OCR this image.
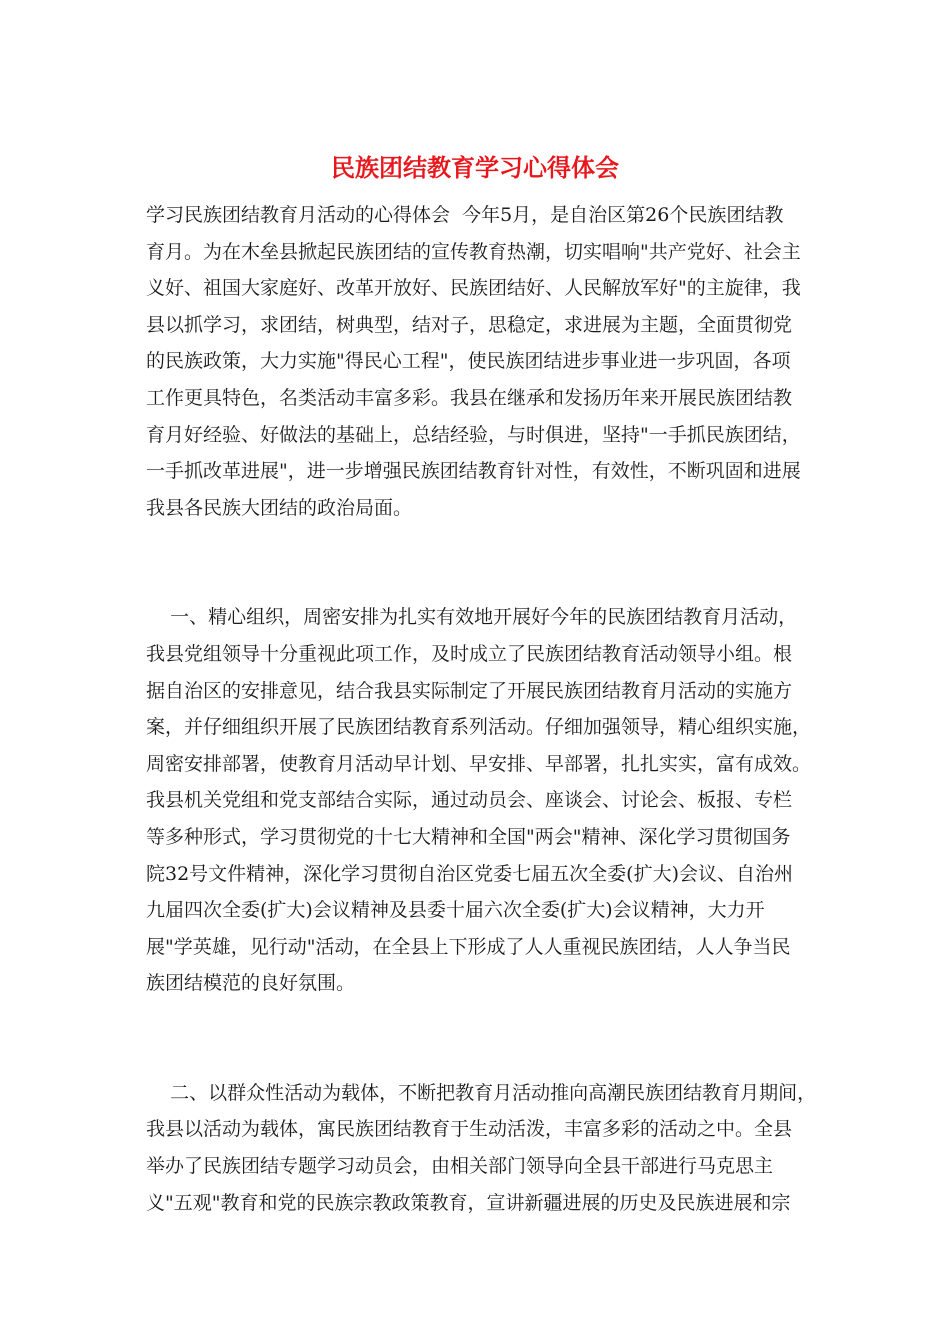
民族团结教育学习心得体会
学习民族团结教育月活动的心得体会  今年5月，是自治区第26个民族团结教
育月。为在木垒县掀起民族团结的宣传教育热潮，切实唱响"共产党好、社会主
义好、祖国大家庭好、改革开放好、民族团结好、人民解放军好"的主旋律，我
县以抓学习，求团结，树典型，结对子，思稳定，求进展为主题，全面贯彻党
的民族政策，大力实施"得民心工程"，使民族团结进步事业进一步巩固，各项
工作更具特色，名类活动丰富多彩。我县在继承和发扬历年来开展民族团结教
育月好经验、好做法的基础上，总结经验，与时俱进，坚持"一手抓民族团结，
一手抓改革进展"，进一步增强民族团结教育针对性，有效性，不断巩固和进展
我县各民族大团结的政治局面。
一、精心组织，周密安排为扎实有效地开展好今年的民族团结教育月活动，
我县党组领导十分重视此项工作，及时成立了民族团结教育活动领导小组。根
据自治区的安排意见，结合我县实际制定了开展民族团结教育月活动的实施方
案，并仔细组织开展了民族团结教育系列活动。仔细加强领导，精心组织实施，
周密安排部署，使教育月活动早计划、早安排、早部署，扎扎实实，富有成效。
我县机关党组和党支部结合实际，通过动员会、座谈会、讨论会、板报、专栏
等多种形式，学习贯彻党的十七大精神和全国"两会"精神、深化学习贯彻国务
院32号文件精神，深化学习贯彻自治区党委七届五次全委(扩大)会议、自治州
九届四次全委(扩大)会议精神及县委十届六次全委(扩大)会议精神，大力开
展"学英雄，见行动"活动，在全县上下形成了人人重视民族团结，人人争当民
族团结模范的良好氛围。
二、以群众性活动为载体，不断把教育月活动推向高潮民族团结教育月期间，
我县以活动为载体，寓民族团结教育于生动活泼，丰富多彩的活动之中。全县
举办了民族团结专题学习动员会，由相关部门领导向全县干部进行马克思主
义"五观"教育和党的民族宗教政策教育，宣讲新疆进展的历史及民族进展和宗
